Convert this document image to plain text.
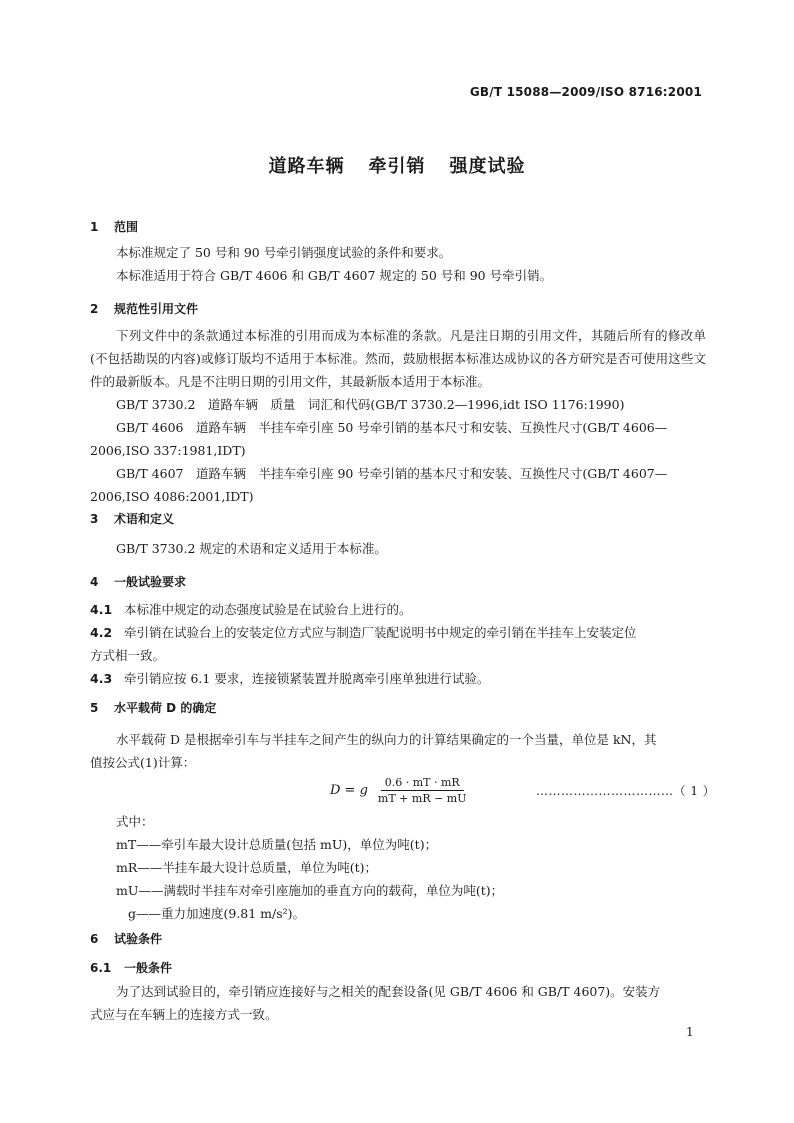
GB/T 15088—2009/ISO 8716:2001
道路车辆 牵引销 强度试验
1 范围
本标准规定了 50 号和 90 号牵引销强度试验的条件和要求。
本标准适用于符合 GB/T 4606 和 GB/T 4607 规定的 50 号和 90 号牵引销。
2 规范性引用文件
下列文件中的条款通过本标准的引用而成为本标准的条款。凡是注日期的引用文件，其随后所有的修改单(不包括勘误的内容)或修订版均不适用于本标准。然而，鼓励根据本标准达成协议的各方研究是否可使用这些文件的最新版本。凡是不注明日期的引用文件，其最新版本适用于本标准。
GB/T 3730.2　道路车辆　质量　词汇和代码(GB/T 3730.2—1996,idt ISO 1176:1990)
GB/T 4606　道路车辆　半挂车牵引座 50 号牵引销的基本尺寸和安装、互换性尺寸(GB/T 4606—
2006,ISO 337:1981,IDT)
GB/T 4607　道路车辆　半挂车牵引座 90 号牵引销的基本尺寸和安装、互换性尺寸(GB/T 4607—
2006,ISO 4086:2001,IDT)
3 术语和定义
GB/T 3730.2 规定的术语和定义适用于本标准。
4 一般试验要求
4.1 本标准中规定的动态强度试验是在试验台上进行的。
4.2 牵引销在试验台上的安装定位方式应与制造厂装配说明书中规定的牵引销在半挂车上安装定位
方式相一致。
4.3 牵引销应按 6.1 要求，连接锁紧装置并脱离牵引座单独进行试验。
5 水平载荷 D 的确定
水平载荷 D 是根据牵引车与半挂车之间产生的纵向力的计算结果确定的一个当量，单位是 kN，其
值按公式(1)计算：
D = g $\frac{0.6 \cdot mT \cdot mR}{mT + mR - mU}$	……………………………（ 1 ）
式中：
mT——牵引车最大设计总质量(包括 mU)，单位为吨(t)；
mR——半挂车最大设计总质量，单位为吨(t)；
mU——满载时半挂车对牵引座施加的垂直方向的载荷，单位为吨(t)；
g——重力加速度(9.81 m/s²)。
6 试验条件
6.1 一般条件
为了达到试验目的，牵引销应连接好与之相关的配套设备(见 GB/T 4606 和 GB/T 4607)。安装方
式应与在车辆上的连接方式一致。
1
